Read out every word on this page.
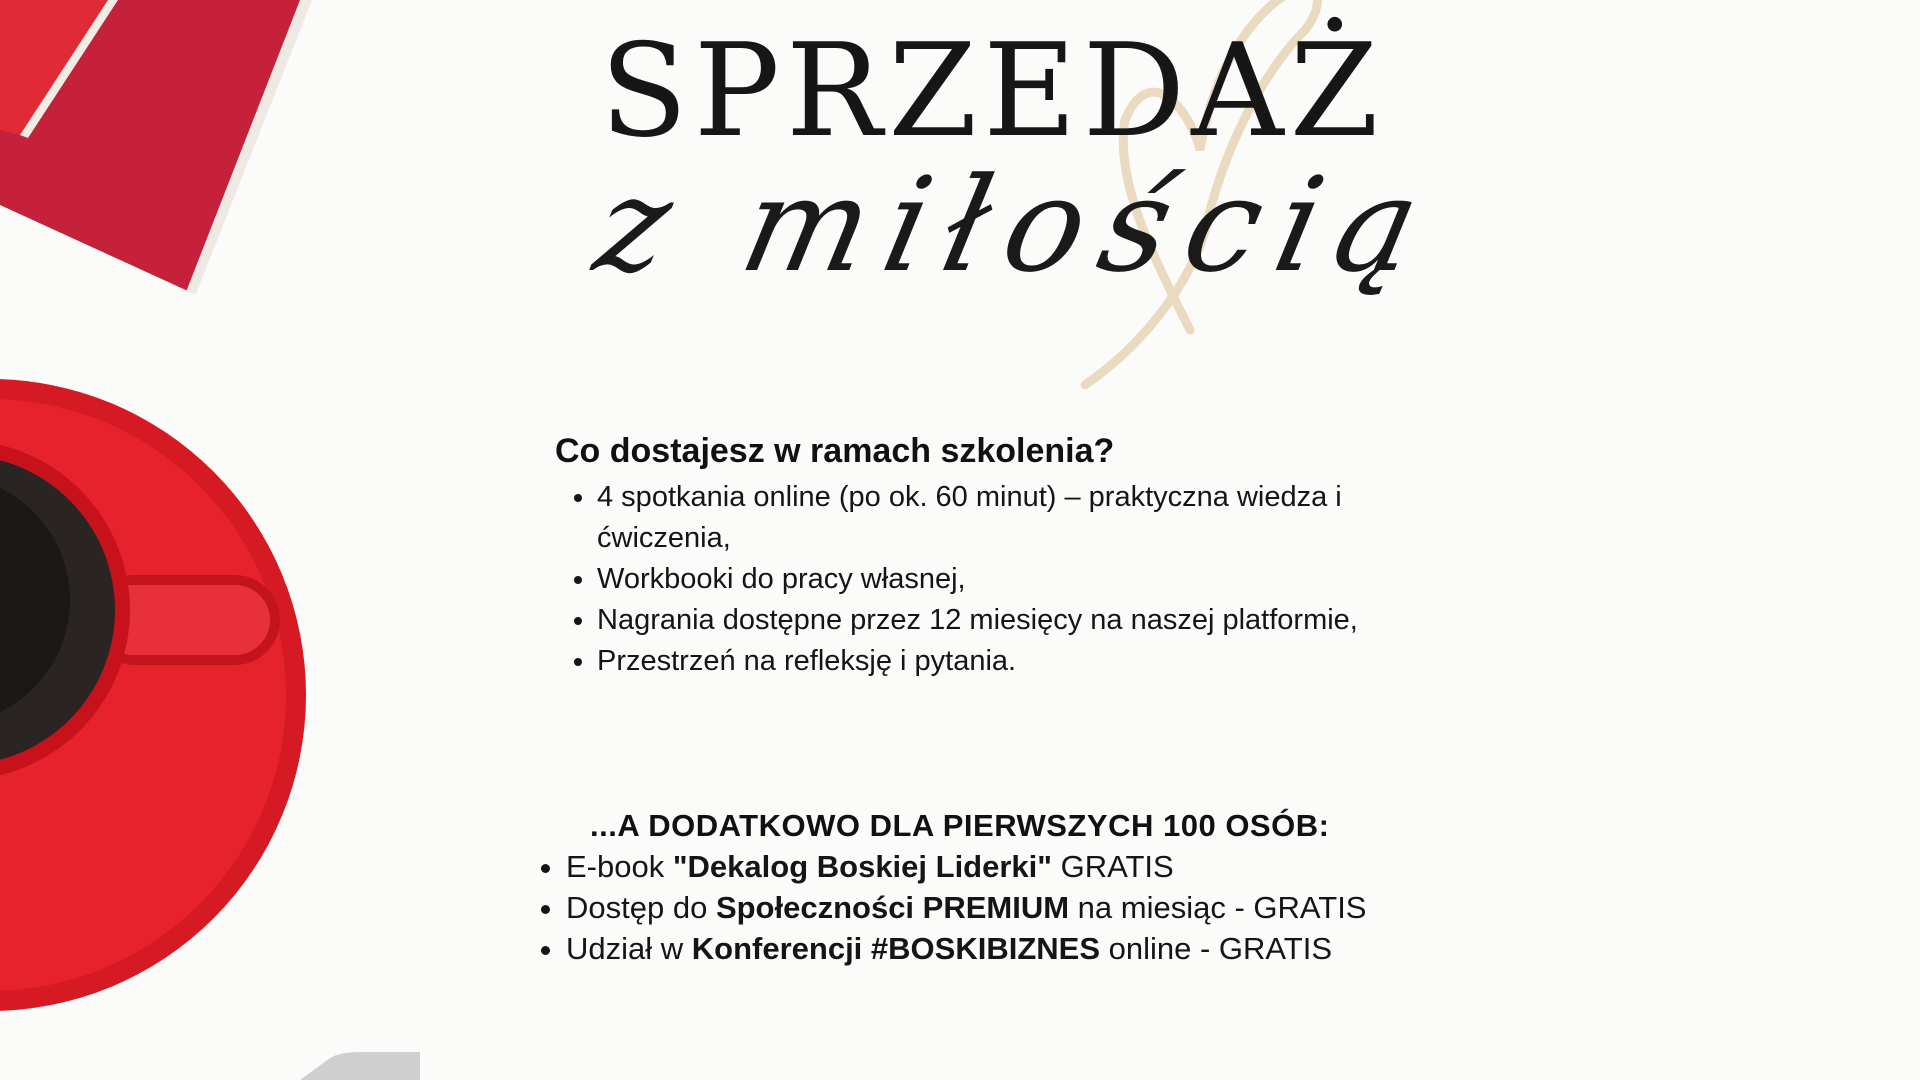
SPRZEDAŻ
z miłością
Co dostajesz w ramach szkolenia?
• 4 spotkania online (po ok. 60 minut) – praktyczna wiedza i ćwiczenia,
• Workbooki do pracy własnej,
• Nagrania dostępne przez 12 miesięcy na naszej platformie,
• Przestrzeń na refleksję i pytania.
...A DODATKOWO DLA PIERWSZYCH 100 OSÓB:
• E-book "Dekalog Boskiej Liderki" GRATIS
• Dostęp do Społeczności PREMIUM na miesiąc - GRATIS
• Udział w Konferencji #BOSKIBIZNES online - GRATIS
